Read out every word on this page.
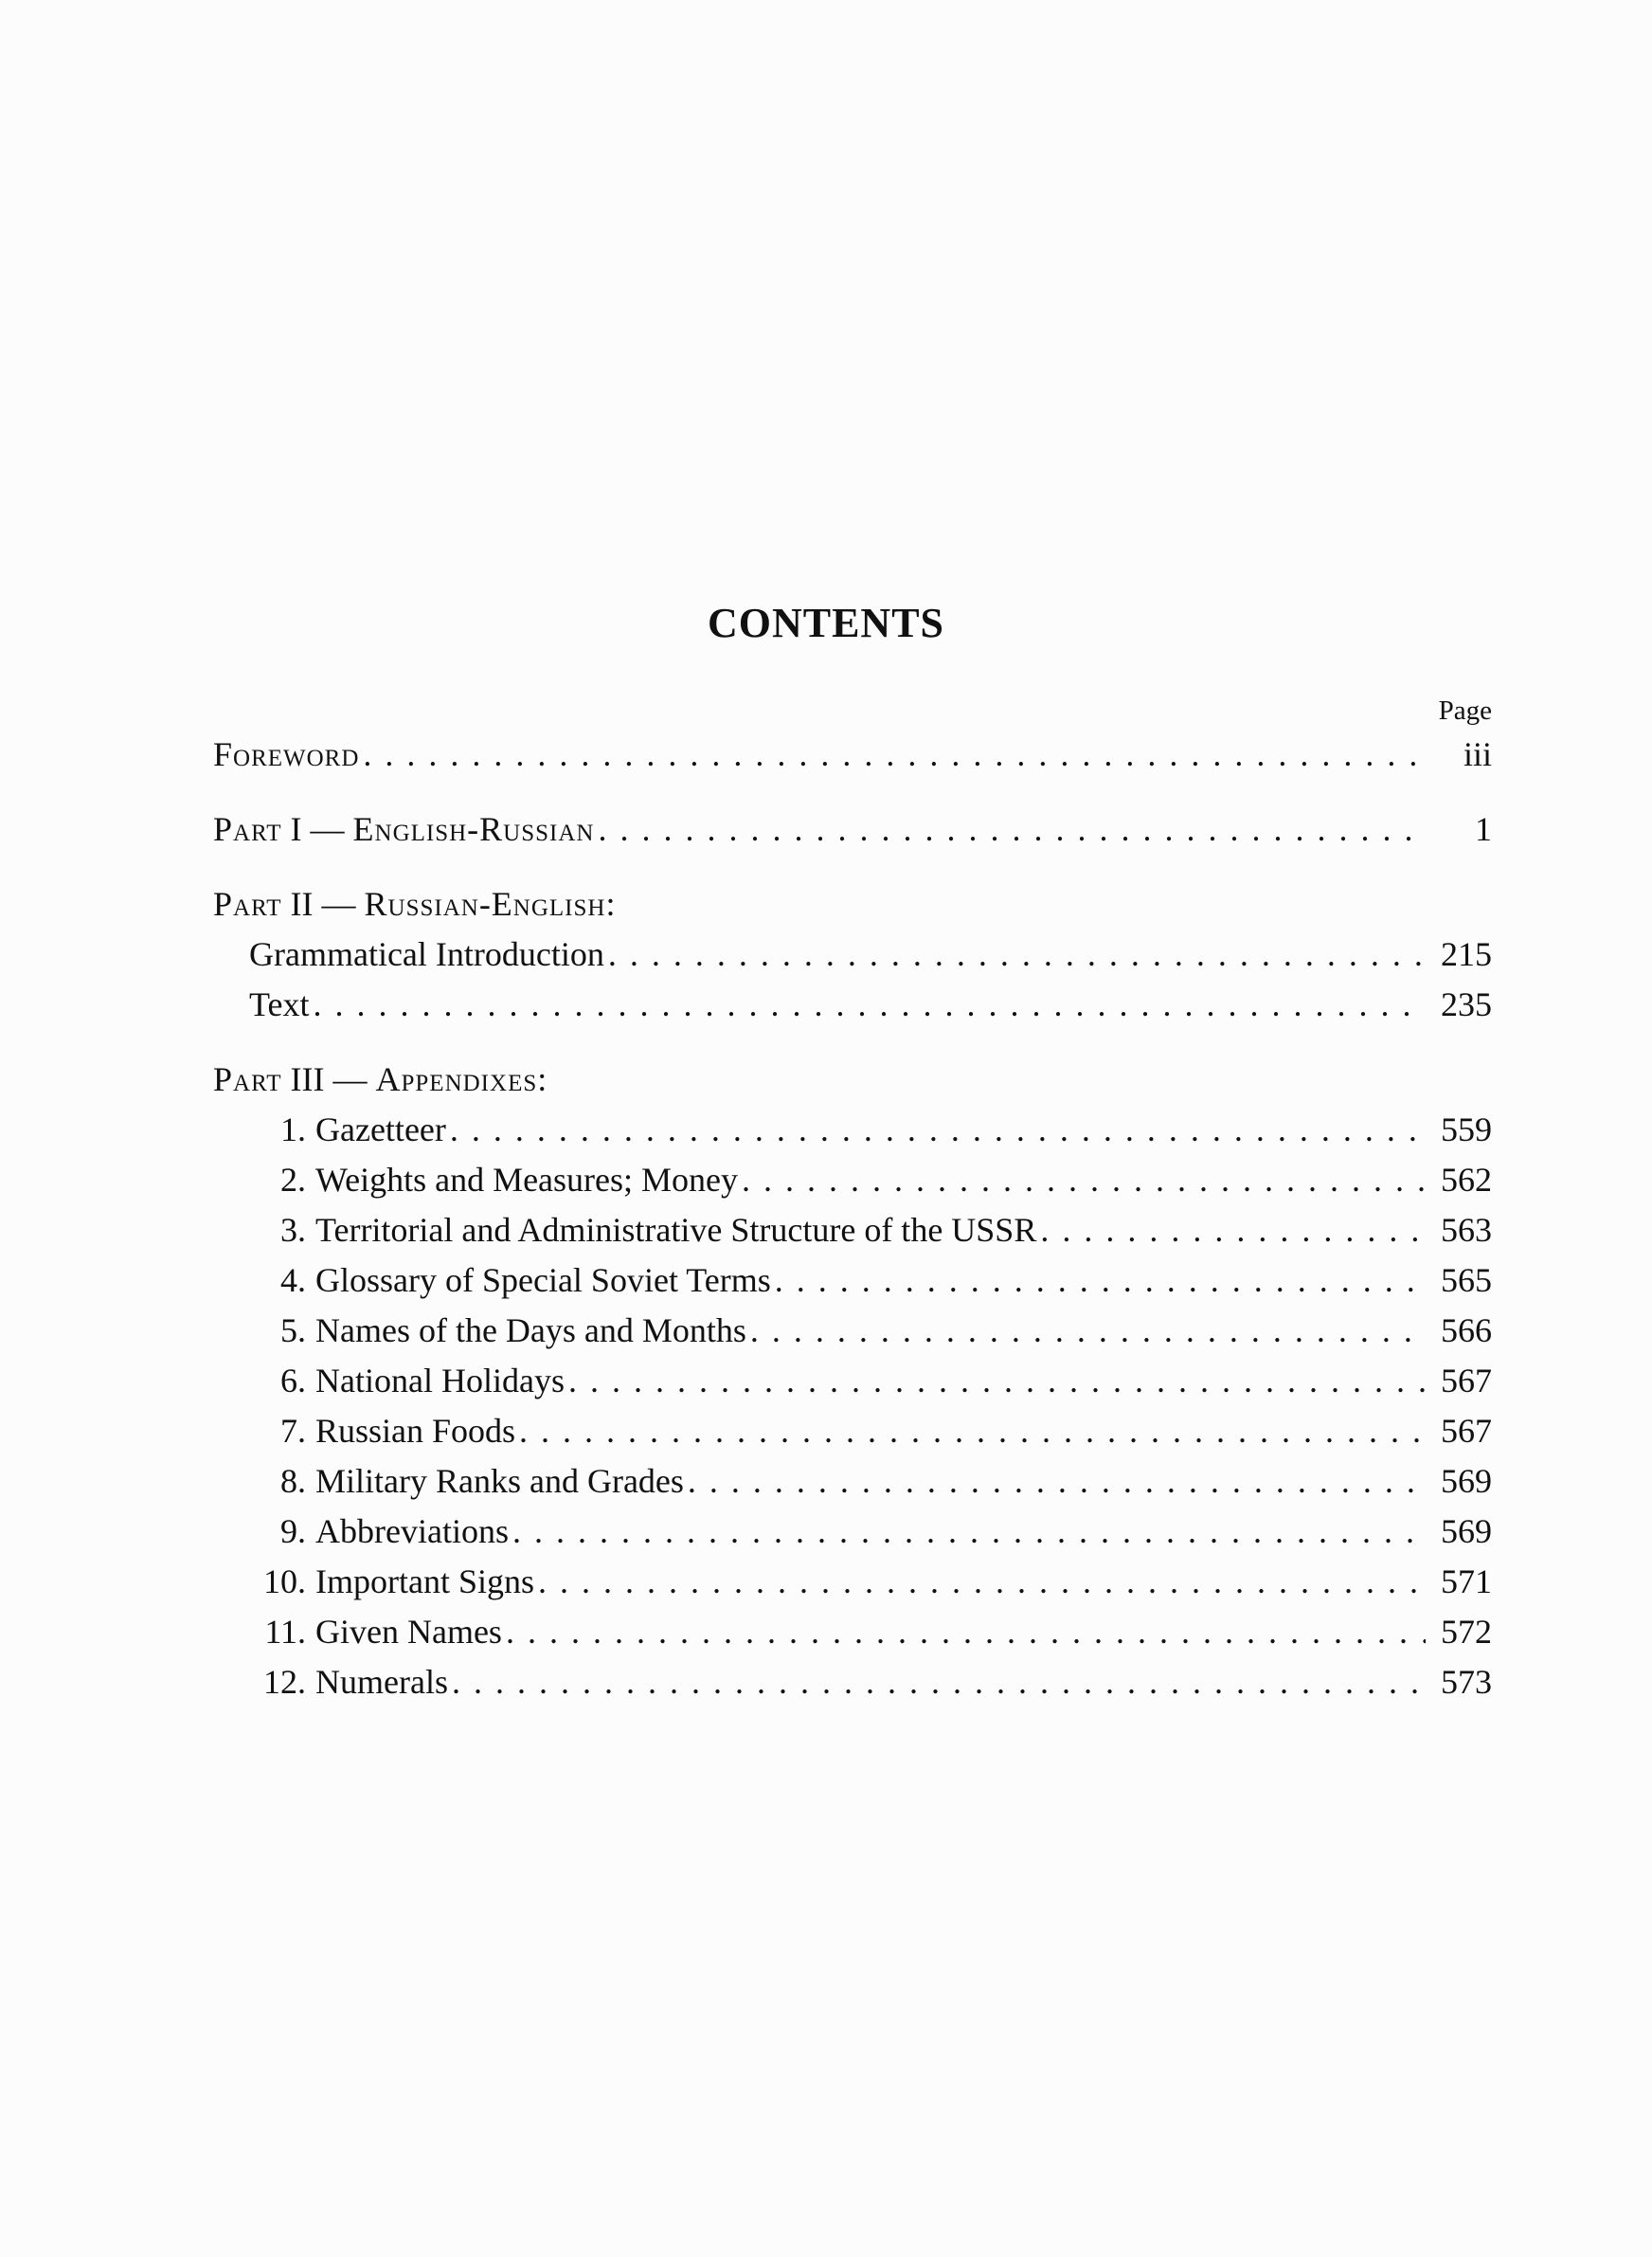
CONTENTS
Page
Foreword . . .	iii
Part I — English-Russian . . .	1
Part II — Russian-English:
Grammatical Introduction . . .	215
Text . . .	235
Part III — Appendixes:
1. Gazetteer . . .	559
2. Weights and Measures; Money . . .	562
3. Territorial and Administrative Structure of the USSR . . .	563
4. Glossary of Special Soviet Terms . . .	565
5. Names of the Days and Months . . .	566
6. National Holidays . . .	567
7. Russian Foods . . .	567
8. Military Ranks and Grades . . .	569
9. Abbreviations . . .	569
10. Important Signs . . .	571
11. Given Names . . .	572
12. Numerals . . .	573
